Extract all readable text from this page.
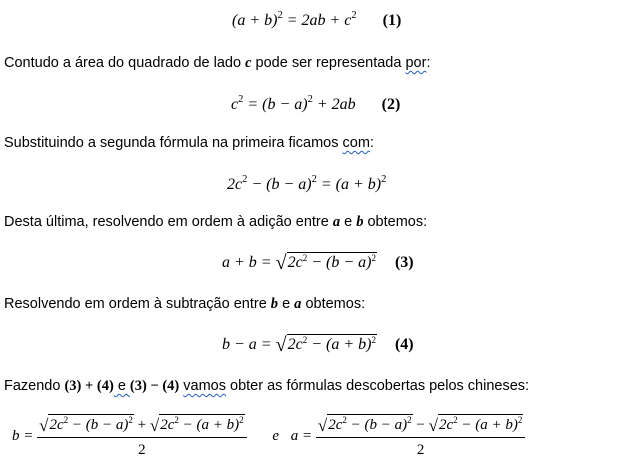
$(a + b)^2 = 2ab + c^2$ (1)
Contudo a área do quadrado de lado c pode ser representada por:
$c^2 = (b - a)^2 + 2ab$ (2)
Substituindo a segunda fórmula na primeira ficamos com:
$2c^2 - (b - a)^2 = (a + b)^2$
Desta última, resolvendo em ordem à adição entre a e b obtemos:
$a + b = √2c^2 - (b - a)^2$ (3)
Resolvendo em ordem à subtração entre b e a obtemos:
$b - a = √2c^2 - (a + b)^2$ (4)
Fazendo (3) + (4) e (3) − (4) vamos obter as fórmulas descobertas pelos chineses:
$b = \frac{√2c^2 - (b - a)^2 + √2c^2 - (a + b)^2}{2}$ e $a = \frac{√2c^2 - (b - a)^2 - √2c^2 - (a + b)^2}{2}$
